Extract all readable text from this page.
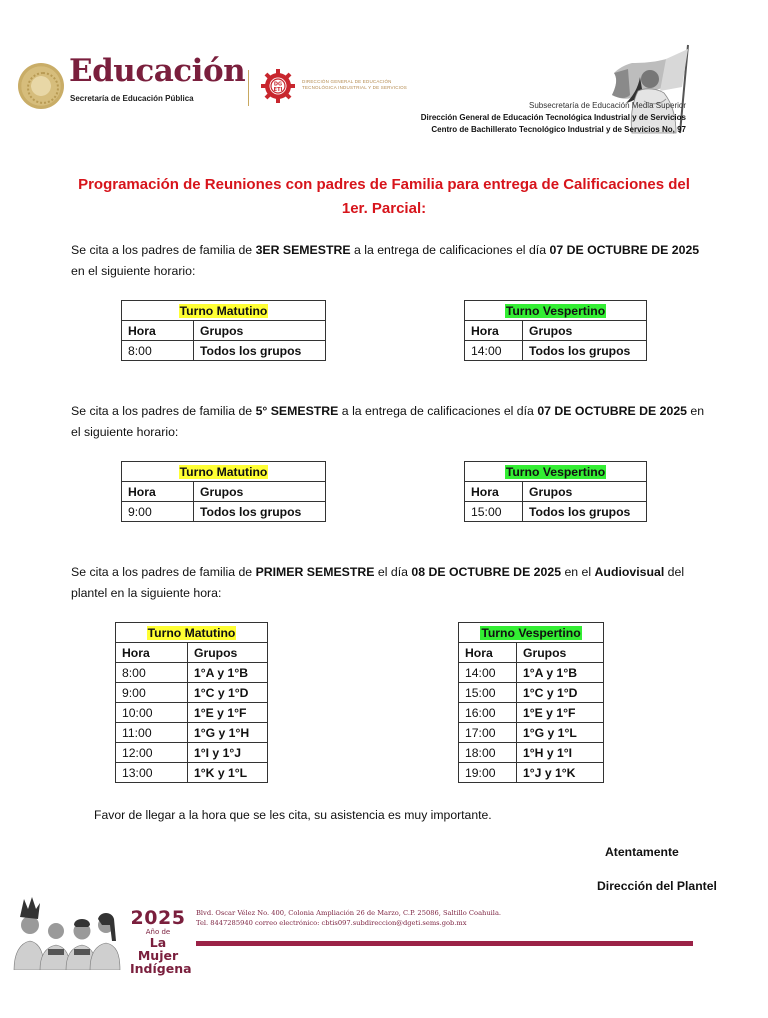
Educación
Secretaría de Educación Pública
DG
ETI
DIRECCIÓN GENERAL DE EDUCACIÓN
TECNOLÓGICA INDUSTRIAL Y DE SERVICIOS
Subsecretaría de Educación Media Superior
Dirección General de Educación Tecnológica Industrial y de Servicios
Centro de Bachillerato Tecnológico Industrial y de Servicios No, 97
Programación de Reuniones con padres de Familia para entrega de Calificaciones del
1er. Parcial:
Se cita a los padres de familia de 3ER SEMESTRE a la entrega de calificaciones el día 07 DE OCTUBRE DE 2025 en el siguiente horario:
Turno Matutino	
Hora	Grupos
8:00	Todos los grupos
Turno Vespertino	
Hora	Grupos
14:00	Todos los grupos
Se cita a los padres de familia de 5° SEMESTRE a la entrega de calificaciones el día 07 DE OCTUBRE DE 2025 en el siguiente horario:
Turno Matutino	
Hora	Grupos
9:00	Todos los grupos
Turno Vespertino	
Hora	Grupos
15:00	Todos los grupos
Se cita a los padres de familia de PRIMER SEMESTRE el día 08 DE OCTUBRE DE 2025 en el Audiovisual del plantel en la siguiente hora:
Turno Matutino	
Hora	Grupos
8:00	1°A y 1°B
9:00	1°C y 1°D
10:00	1°E y 1°F
11:00	1°G y 1°H
12:00	1°I y 1°J
13:00	1°K y 1°L
Turno Vespertino	
Hora	Grupos
14:00	1°A y 1°B
15:00	1°C y 1°D
16:00	1°E y 1°F
17:00	1°G y 1°L
18:00	1°H y 1°I
19:00	1°J y 1°K
Favor de llegar a la hora que se les cita, su asistencia es muy importante.
Atentamente
Dirección del Plantel
2025
Año de
La Mujer
Indígena
Blvd. Oscar Vélez No. 400, Colonia Ampliación 26 de Marzo, C.P. 25086, Saltillo Coahuila.
Tel. 8447285940 correo electrónico: cbtis097.subdireccion@dgeti.sems.gob.mx
